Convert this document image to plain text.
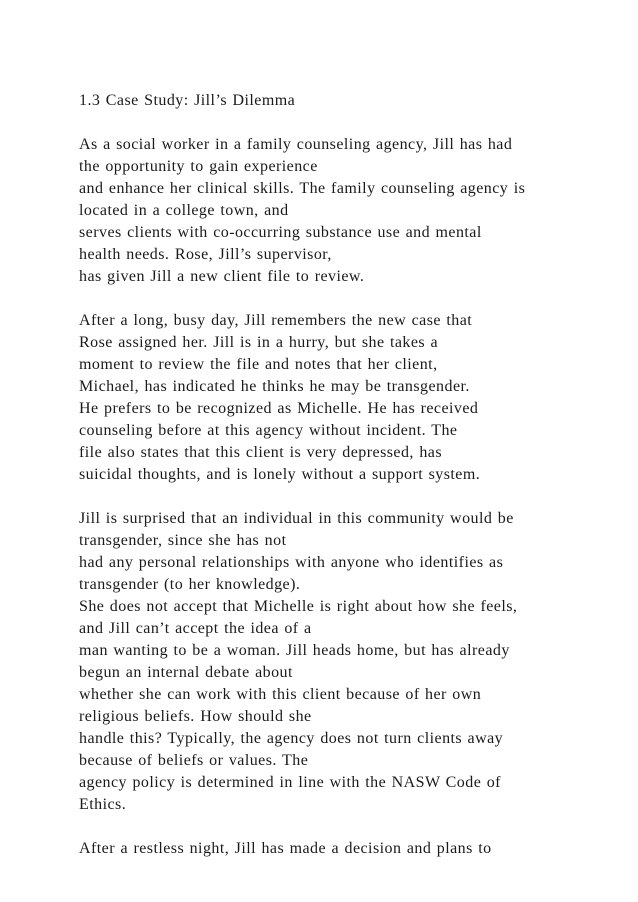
1.3 Case Study: Jill’s Dilemma
As a social worker in a family counseling agency, Jill has had
the opportunity to gain experience
and enhance her clinical skills. The family counseling agency is
located in a college town, and
serves clients with co-occurring substance use and mental
health needs. Rose, Jill’s supervisor,
has given Jill a new client file to review.
After a long, busy day, Jill remembers the new case that
Rose assigned her. Jill is in a hurry, but she takes a
moment to review the file and notes that her client,
Michael, has indicated he thinks he may be transgender.
He prefers to be recognized as Michelle. He has received
counseling before at this agency without incident. The
file also states that this client is very depressed, has
suicidal thoughts, and is lonely without a support system.
Jill is surprised that an individual in this community would be
transgender, since she has not
had any personal relationships with anyone who identifies as
transgender (to her knowledge).
She does not accept that Michelle is right about how she feels,
and Jill can’t accept the idea of a
man wanting to be a woman. Jill heads home, but has already
begun an internal debate about
whether she can work with this client because of her own
religious beliefs. How should she
handle this? Typically, the agency does not turn clients away
because of beliefs or values. The
agency policy is determined in line with the NASW Code of
Ethics.
After a restless night, Jill has made a decision and plans to
